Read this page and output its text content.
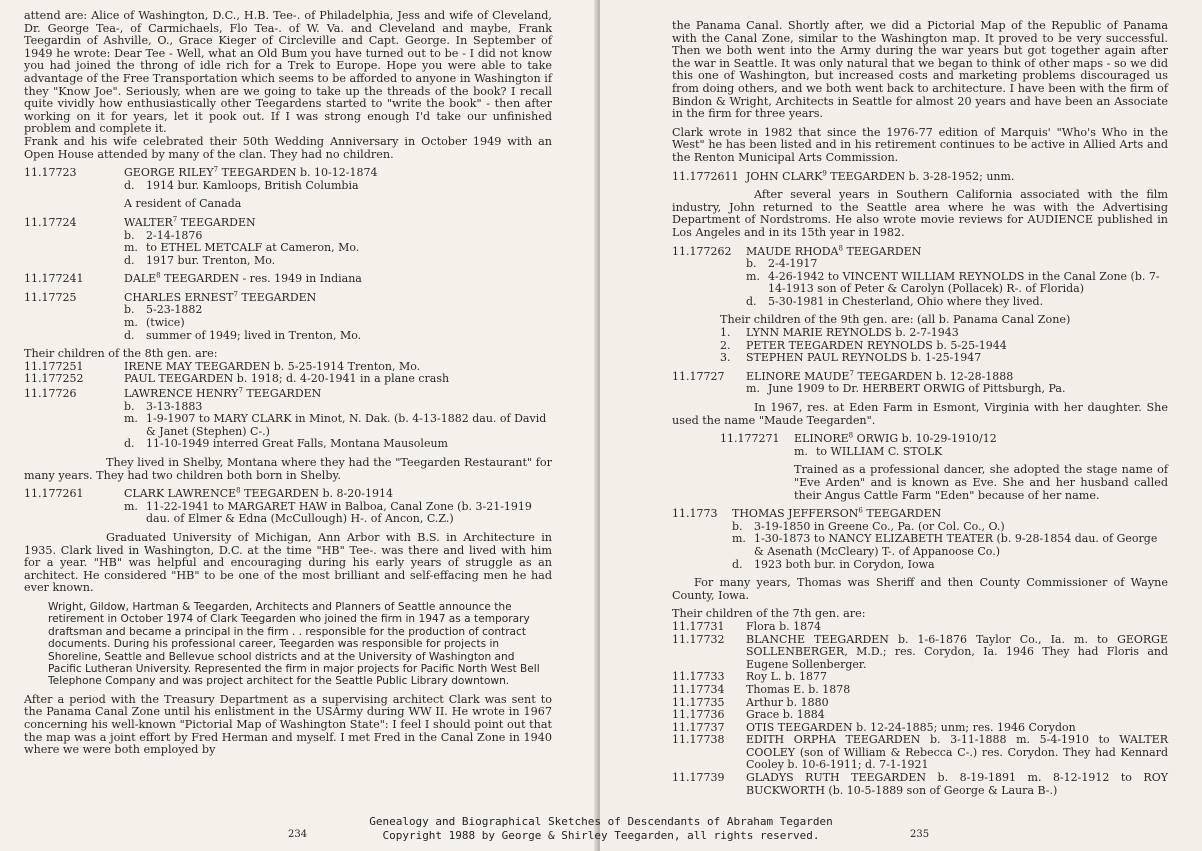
attend are: Alice of Washington, D.C., H.B. Tee-. of Philadelphia, Jess and wife of Cleveland, Dr. George Tea-, of Carmichaels, Flo Tea-. of W. Va. and Cleveland and maybe, Frank Teegardin of Ashville, O., Grace Kieger of Circleville and Capt. George. In September of 1949 he wrote: Dear Tee - Well, what an Old Bum you have turned out to be - I did not know you had joined the throng of idle rich for a Trek to Europe. Hope you were able to take advantage of the Free Transportation which seems to be afforded to anyone in Washington if they "Know Joe". Seriously, when are we going to take up the threads of the book? I recall quite vividly how enthusiastically other Teegardens started to "write the book" - then after working on it for years, let it pook out. If I was strong enough I'd take our unfinished problem and complete it.

Frank and his wife celebrated their 50th Wedding Anniversary in October 1949 with an Open House attended by many of the clan. They had no children.

11.17723	GEORGE RILEY$^7$ TEEGARDEN b. 10-12-1874
d.	1914 bur. Kamloops, British Columbia
A resident of Canada
11.17724	WALTER$^7$ TEEGARDEN
b.	2-14-1876
m. to ETHEL METCALF at Cameron, Mo.
d.	1917 bur. Trenton, Mo.
11.177241	DALE$^8$ TEEGARDEN - res. 1949 in Indiana
11.17725	CHARLES ERNEST$^7$ TEEGARDEN
b.	5-23-1882
m. (twice)
d.	summer of 1949; lived in Trenton, Mo.

Their children of the 8th gen. are:

11.177251	IRENE MAY TEEGARDEN b. 5-25-1914 Trenton, Mo.
11.177252	PAUL TEEGARDEN b. 1918; d. 4-20-1941 in a plane crash
11.17726	LAWRENCE HENRY$^7$ TEEGARDEN
b.	3-13-1883
m. 1-9-1907 to MARY CLARK in Minot, N. Dak. (b. 4-13-1882 dau. of David & Janet (Stephen) C-.)
d.	11-10-1949 interred Great Falls, Montana Mausoleum

They lived in Shelby, Montana where they had the "Teegarden Restaurant" for many years. They had two children both born in Shelby.

11.177261	CLARK LAWRENCE$^8$ TEEGARDEN b. 8-20-1914
m. 11-22-1941 to MARGARET HAW in Balboa, Canal Zone (b. 3-21-1919 dau. of Elmer & Edna (McCullough) H-. of Ancon, C.Z.)

Graduated University of Michigan, Ann Arbor with B.S. in Architecture in 1935. Clark lived in Washington, D.C. at the time "HB" Tee-. was there and lived with him for a year. "HB" was helpful and encouraging during his early years of struggle as an architect. He considered "HB" to be one of the most brilliant and self-effacing men he had ever known.

Wright, Gildow, Hartman & Teegarden, Architects and Planners of Seattle announce the retirement in October 1974 of Clark Teegarden who joined the firm in 1947 as a temporary draftsman and became a principal in the firm . . responsible for the production of contract documents. During his professional career, Teegarden was responsible for projects in Shoreline, Seattle and Bellevue school districts and at the University of Washington and Pacific Lutheran University. Represented the firm in major projects for Pacific North West Bell Telephone Company and was project architect for the Seattle Public Library downtown.

After a period with the Treasury Department as a supervising architect Clark was sent to the Panama Canal Zone until his enlistment in the USArmy during WW II. He wrote in 1967 concerning his well-known "Pictorial Map of Washington State": I feel I should point out that the map was a joint effort by Fred Herman and myself. I met Fred in the Canal Zone in 1940 where we were both employed by

the Panama Canal. Shortly after, we did a Pictorial Map of the Republic of Panama with the Canal Zone, similar to the Washington map. It proved to be very successful. Then we both went into the Army during the war years but got together again after the war in Seattle. It was only natural that we began to think of other maps - so we did this one of Washington, but increased costs and marketing problems discouraged us from doing others, and we both went back to architecture. I have been with the firm of Bindon & Wright, Architects in Seattle for almost 20 years and have been an Associate in the firm for three years.

Clark wrote in 1982 that since the 1976-77 edition of Marquis' "Who's Who in the West" he has been listed and in his retirement continues to be active in Allied Arts and the Renton Municipal Arts Commission.

11.1772611 JOHN CLARK$^9$ TEEGARDEN b. 3-28-1952; unm.

After several years in Southern California associated with the film industry, John returned to the Seattle area where he was with the Advertising Department of Nordstroms. He also wrote movie reviews for AUDIENCE published in Los Angeles and in its 15th year in 1982.

11.177262	MAUDE RHODA$^8$ TEEGARDEN
b.	2-4-1917
m. 4-26-1942 to VINCENT WILLIAM REYNOLDS in the Canal Zone (b. 7-14-1913 son of Peter & Carolyn (Pollacek) R-. of Florida)
d.	5-30-1981 in Chesterland, Ohio where they lived.

Their children of the 9th gen. are: (all b. Panama Canal Zone)

1.	LYNN MARIE REYNOLDS b. 2-7-1943
2.	PETER TEEGARDEN REYNOLDS b. 5-25-1944
3.	STEPHEN PAUL REYNOLDS b. 1-25-1947
11.17727	ELINORE MAUDE$^7$ TEEGARDEN b. 12-28-1888
m. June 1909 to Dr. HERBERT ORWIG of Pittsburgh, Pa.

In 1967, res. at Eden Farm in Esmont, Virginia with her daughter. She used the name "Maude Teegarden".

11.177271	ELINORE$^8$ ORWIG b. 10-29-1910/12
m. to WILLIAM C. STOLK

Trained as a professional dancer, she adopted the stage name of "Eve Arden" and is known as Eve. She and her husband called their Angus Cattle Farm "Eden" because of her name.

11.1773	THOMAS JEFFERSON$^6$ TEEGARDEN
b.	3-19-1850 in Greene Co., Pa. (or Col. Co., O.)
m. 1-30-1873 to NANCY ELIZABETH TEATER (b. 9-28-1854 dau. of George & Asenath (McCleary) T-. of Appanoose Co.)
d.	1923 both bur. in Corydon, Iowa

For many years, Thomas was Sheriff and then County Commissioner of Wayne County, Iowa.

Their children of the 7th gen. are:

11.17731	Flora b. 1874
11.17732	BLANCHE TEEGARDEN b. 1-6-1876 Taylor Co., Ia. m. to GEORGE SOLLENBERGER, M.D.; res. Corydon, Ia. 1946 They had Floris and Eugene Sollenberger.
11.17733	Roy L. b. 1877
11.17734	Thomas E. b. 1878
11.17735	Arthur b. 1880
11.17736	Grace b. 1884
11.17737	OTIS TEEGARDEN b. 12-24-1885; unm; res. 1946 Corydon
11.17738	EDITH ORPHA TEEGARDEN b. 3-11-1888 m. 5-4-1910 to WALTER COOLEY (son of William & Rebecca C-.) res. Corydon. They had Kennard Cooley b. 10-6-1911; d. 7-1-1921
11.17739	GLADYS RUTH TEEGARDEN b. 8-19-1891 m. 8-12-1912 to ROY BUCKWORTH (b. 10-5-1889 son of George & Laura B-.)
Genealogy and Biographical Sketches of Descendants of Abraham Tegarden
Copyright 1988 by George & Shirley Teegarden, all rights reserved.
234	235
